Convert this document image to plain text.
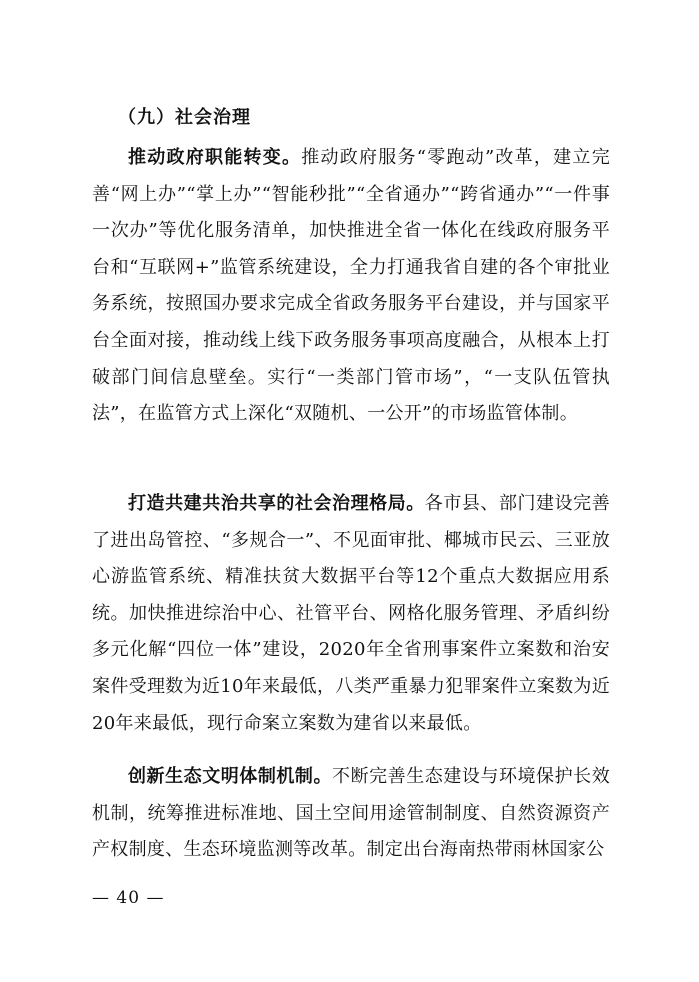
（九）社会治理

推动政府职能转变。推动政府服务“零跑动”改革，建立完善“网上办”“掌上办”“智能秒批”“全省通办”“跨省通办”“一件事一次办”等优化服务清单，加快推进全省一体化在线政府服务平台和“互联网+”监管系统建设，全力打通我省自建的各个审批业务系统，按照国办要求完成全省政务服务平台建设，并与国家平台全面对接，推动线上线下政务服务事项高度融合，从根本上打破部门间信息壁垒。实行“一类部门管市场”，“一支队伍管执法”，在监管方式上深化“双随机、一公开”的市场监管体制。

打造共建共治共享的社会治理格局。各市县、部门建设完善了进出岛管控、“多规合一”、不见面审批、椰城市民云、三亚放心游监管系统、精准扶贫大数据平台等12个重点大数据应用系统。加快推进综治中心、社管平台、网格化服务管理、矛盾纠纷多元化解“四位一体”建设，2020年全省刑事案件立案数和治安案件受理数为近10年来最低，八类严重暴力犯罪案件立案数为近20年来最低，现行命案立案数为建省以来最低。

创新生态文明体制机制。不断完善生态建设与环境保护长效机制，统筹推进标准地、国土空间用途管制制度、自然资源资产产权制度、生态环境监测等改革。制定出台海南热带雨林国家公

— 40 —
